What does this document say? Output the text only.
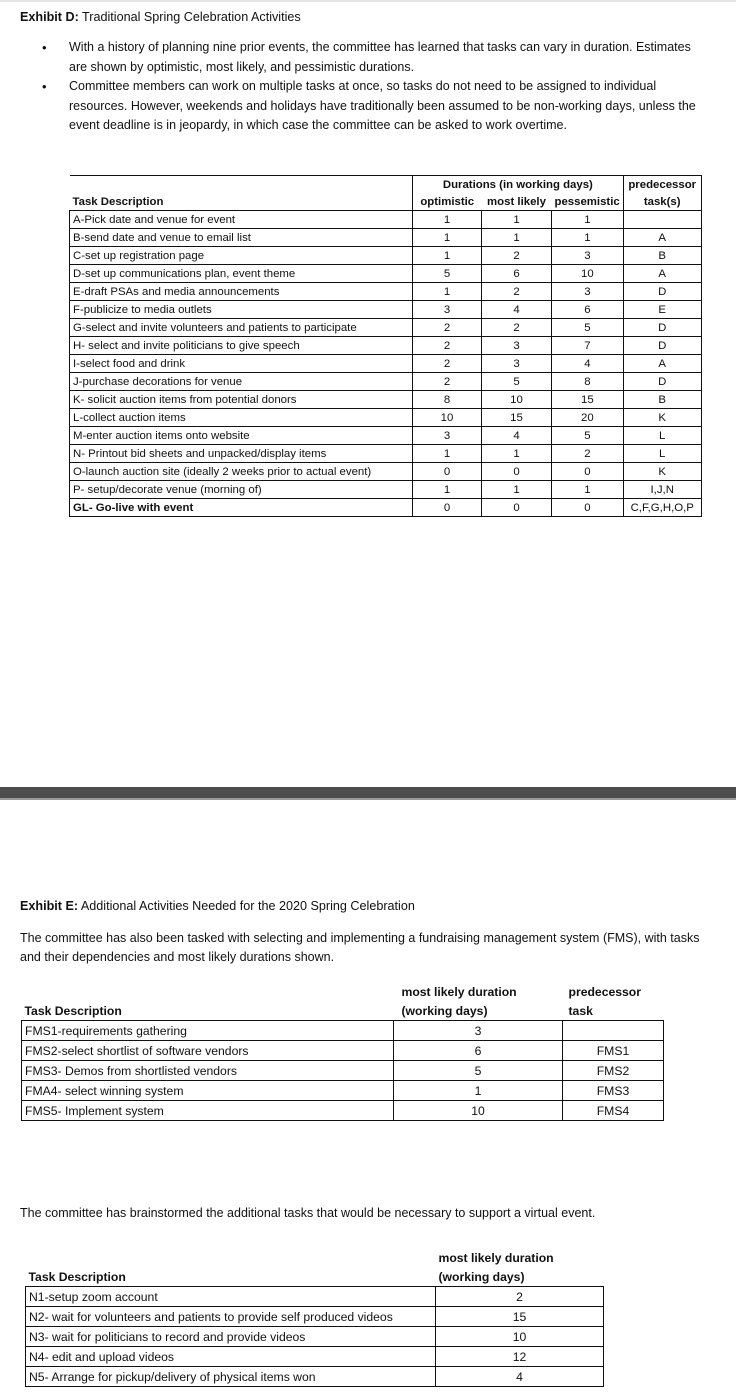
Exhibit D: Traditional Spring Celebration Activities
• With a history of planning nine prior events, the committee has learned that tasks can vary in duration. Estimates are shown by optimistic, most likely, and pessimistic durations.
• Committee members can work on multiple tasks at once, so tasks do not need to be assigned to individual resources. However, weekends and holidays have traditionally been assumed to be non-working days, unless the event deadline is in jeopardy, in which case the committee can be asked to work overtime.
	Durations (in working days)			predecessor
Task Description	optimistic	most likely	pessemistic	task(s)
A-Pick date and venue for event	1	1	1	
B-send date and venue to email list	1	1	1	A
C-set up registration page	1	2	3	B
D-set up communications plan, event theme	5	6	10	A
E-draft PSAs and media announcements	1	2	3	D
F-publicize to media outlets	3	4	6	E
G-select and invite volunteers and patients to participate	2	2	5	D
H- select and invite politicians to give speech	2	3	7	D
I-select food and drink	2	3	4	A
J-purchase decorations for venue	2	5	8	D
K- solicit auction items from potential donors	8	10	15	B
L-collect auction items	10	15	20	K
M-enter auction items onto website	3	4	5	L
N- Printout bid sheets and unpacked/display items	1	1	2	L
O-launch auction site (ideally 2 weeks prior to actual event)	0	0	0	K
P- setup/decorate venue (morning of)	1	1	1	I,J,N
GL- Go-live with event	0	0	0	C,F,G,H,O,P
Exhibit E: Additional Activities Needed for the 2020 Spring Celebration
The committee has also been tasked with selecting and implementing a fundraising management system (FMS), with tasks and their dependencies and most likely durations shown.
	most likely duration	predecessor
Task Description	(working days)	task
FMS1-requirements gathering	3	
FMS2-select shortlist of software vendors	6	FMS1
FMS3- Demos from shortlisted vendors	5	FMS2
FMA4- select winning system	1	FMS3
FMS5- Implement system	10	FMS4
The committee has brainstormed the additional tasks that would be necessary to support a virtual event.
	most likely duration
Task Description	(working days)
N1-setup zoom account	2
N2- wait for volunteers and patients to provide self produced videos	15
N3- wait for politicians to record and provide videos	10
N4- edit and upload videos	12
N5- Arrange for pickup/delivery of physical items won	4
